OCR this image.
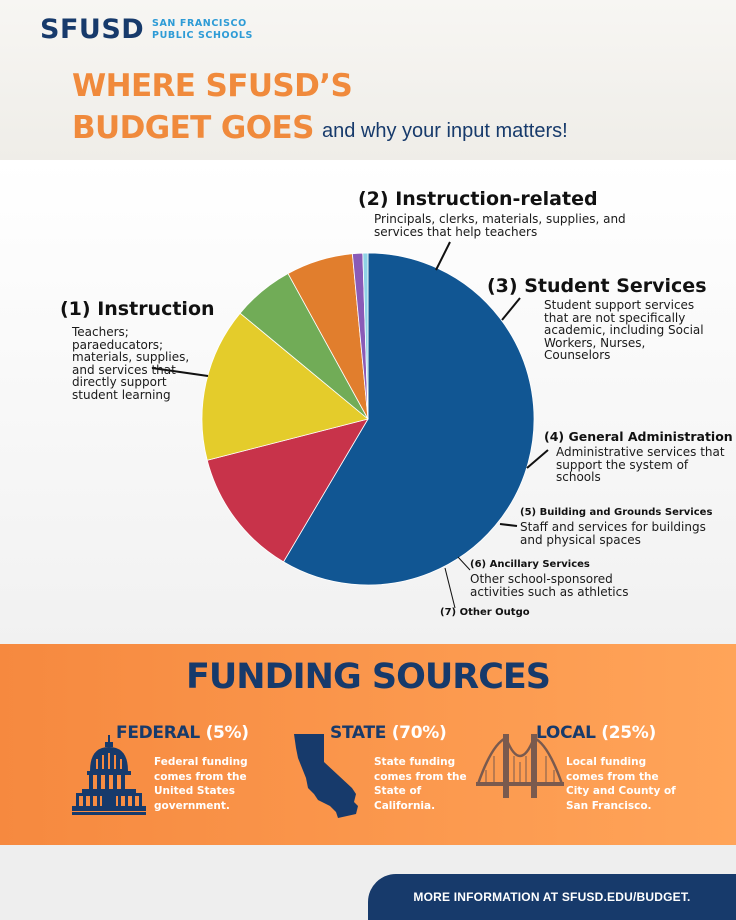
SFUSD SAN FRANCISCO
PUBLIC SCHOOLS
WHERE SFUSD’S
BUDGET GOES and why your input matters!
(1) Instruction
Teachers; paraeducators; materials, supplies, and services that directly support student learning
(2) Instruction-related
Principals, clerks, materials, supplies, and services that help teachers
(3) Student Services
Student support services that are not specifically academic, including Social Workers, Nurses, Counselors
(4) General Administration
Administrative services that support the system of schools
(5) Building and Grounds Services
Staff and services for buildings and physical spaces
(6) Ancillary Services
Other school-sponsored activities such as athletics
(7) Other Outgo
FUNDING SOURCES
FEDERAL (5%)
Federal funding comes from the United States government.
STATE (70%)
State funding comes from the State of California.
LOCAL (25%)
Local funding comes from the City and County of San Francisco.
MORE INFORMATION AT SFUSD.EDU/BUDGET.
